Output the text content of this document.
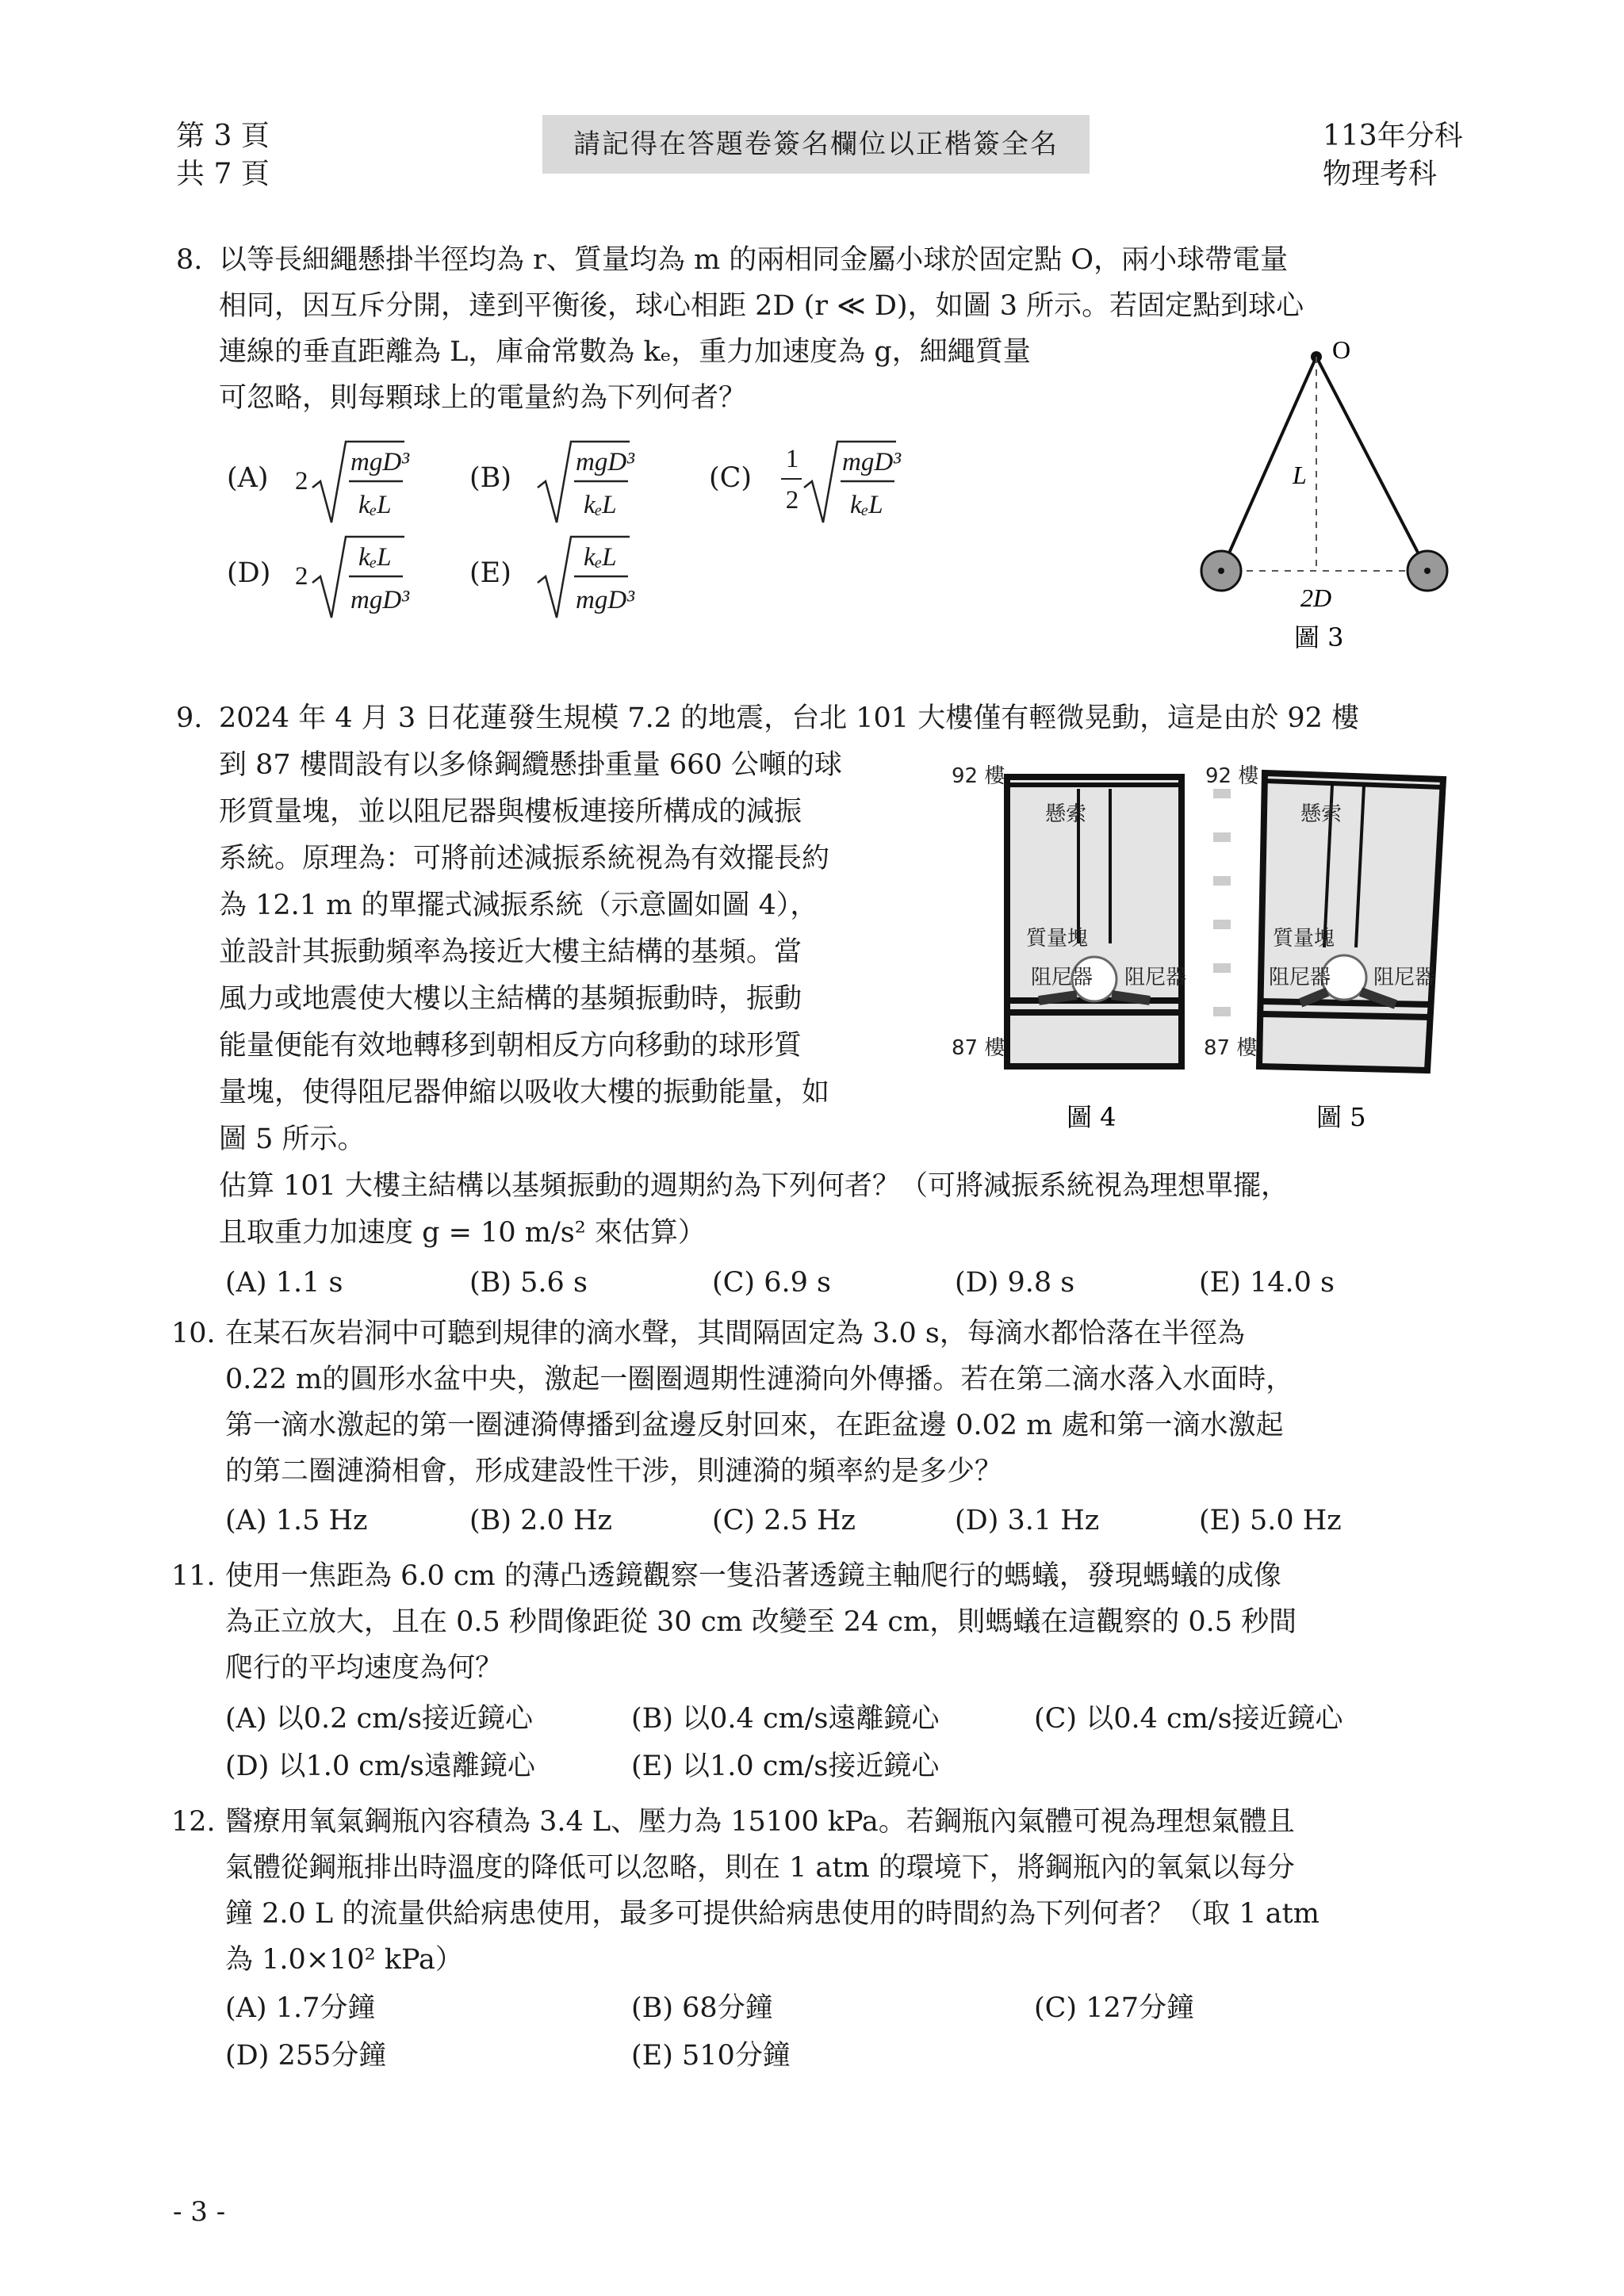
第 3 頁
共 7 頁
請記得在答題卷簽名欄位以正楷簽全名	113年分科
物理考科
8. 以等長細繩懸掛半徑均為 r、質量均為 m 的兩相同金屬小球於固定點 O，兩小球帶電量
相同，因互斥分開，達到平衡後，球心相距 2D (r ≪ D)，如圖 3 所示。若固定點到球心
連線的垂直距離為 L，庫侖常數為 kₑ，重力加速度為 g，細繩質量
可忽略，則每顆球上的電量約為下列何者？
(A) 2
mgD³
kₑL
(B) mgD³
kₑL
(C)
1
2
mgD³
kₑL
(D) 2
kₑL
mgD³
(E)	kₑL
mgD³
O
L
2D
圖 3
9. 2024 年 4 月 3 日花蓮發生規模 7.2 的地震，台北 101 大樓僅有輕微晃動，這是由於 92 樓
到 87 樓間設有以多條鋼纜懸掛重量 660 公噸的球
形質量塊，並以阻尼器與樓板連接所構成的減振
系統。原理為：可將前述減振系統視為有效擺長約
為 12.1 m 的單擺式減振系統（示意圖如圖 4），
並設計其振動頻率為接近大樓主結構的基頻。當
風力或地震使大樓以主結構的基頻振動時，振動
能量便能有效地轉移到朝相反方向移動的球形質
量塊，使得阻尼器伸縮以吸收大樓的振動能量，如
圖 5 所示。
估算 101 大樓主結構以基頻振動的週期約為下列何者？（可將減振系統視為理想單擺，
且取重力加速度 g = 10 m/s² 來估算）
92 樓
87 樓
懸索
質量塊
阻尼器 阻尼器
圖 4
92 樓
87 樓
懸索
質量塊
阻尼器 阻尼器
圖 5
(A) 1.1 s	(B) 5.6 s	(C) 6.9 s	(D) 9.8 s	(E) 14.0 s
10. 在某石灰岩洞中可聽到規律的滴水聲，其間隔固定為 3.0 s，每滴水都恰落在半徑為
0.22 m的圓形水盆中央，激起一圈圈週期性漣漪向外傳播。若在第二滴水落入水面時，
第一滴水激起的第一圈漣漪傳播到盆邊反射回來，在距盆邊 0.02 m 處和第一滴水激起
的第二圈漣漪相會，形成建設性干涉，則漣漪的頻率約是多少？
(A) 1.5 Hz	(B) 2.0 Hz	(C) 2.5 Hz	(D) 3.1 Hz	(E) 5.0 Hz
11. 使用一焦距為 6.0 cm 的薄凸透鏡觀察一隻沿著透鏡主軸爬行的螞蟻，發現螞蟻的成像
為正立放大，且在 0.5 秒間像距從 30 cm 改變至 24 cm，則螞蟻在這觀察的 0.5 秒間
爬行的平均速度為何？
(A) 以0.2 cm/s接近鏡心	(B) 以0.4 cm/s遠離鏡心	(C) 以0.4 cm/s接近鏡心
(D) 以1.0 cm/s遠離鏡心	(E) 以1.0 cm/s接近鏡心
12. 醫療用氧氣鋼瓶內容積為 3.4 L、壓力為 15100 kPa。若鋼瓶內氣體可視為理想氣體且
氣體從鋼瓶排出時溫度的降低可以忽略，則在 1 atm 的環境下，將鋼瓶內的氧氣以每分
鐘 2.0 L 的流量供給病患使用，最多可提供給病患使用的時間約為下列何者？（取 1 atm
為 1.0×10² kPa）
(A) 1.7分鐘	(B) 68分鐘	(C) 127分鐘
(D) 255分鐘	(E) 510分鐘
- 3 -
